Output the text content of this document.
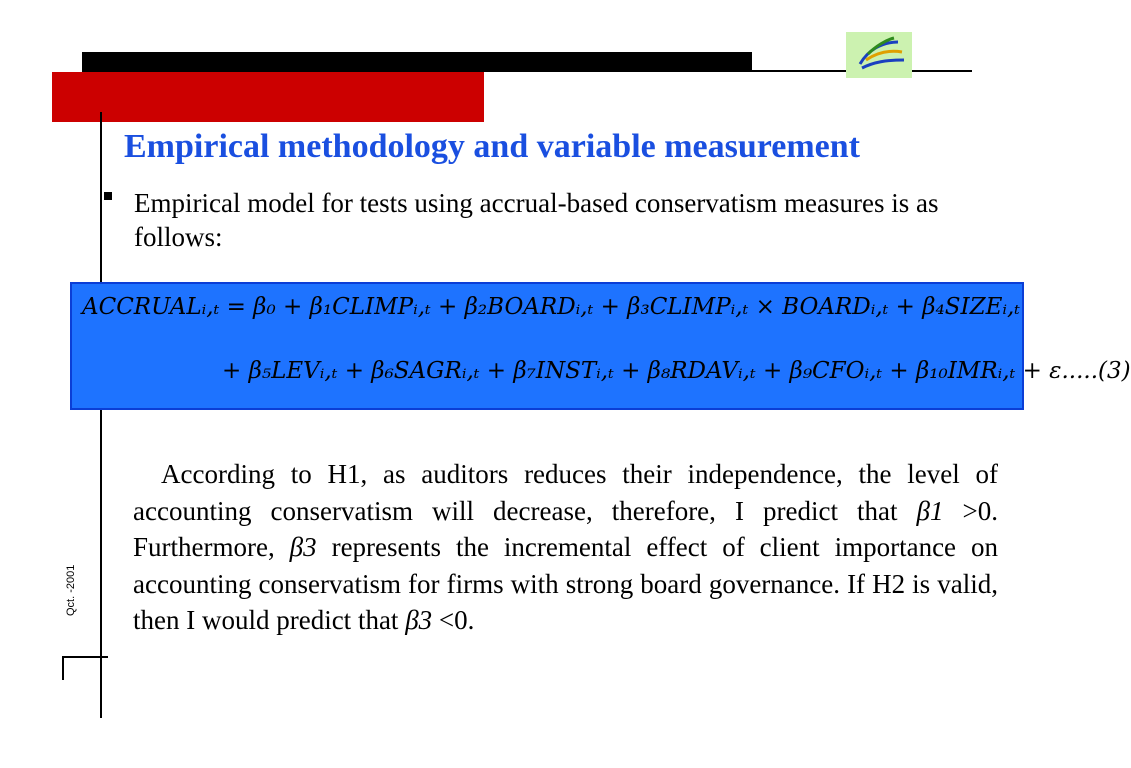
Empirical methodology and variable measurement

Empirical model for tests using accrual-based conservatism measures is as follows:

ACCRUALᵢ,ₜ = β₀ + β₁CLIMPᵢ,ₜ + β₂BOARDᵢ,ₜ + β₃CLIMPᵢ,ₜ × BOARDᵢ,ₜ + β₄SIZEᵢ,ₜ
+ β₅LEVᵢ,ₜ + β₆SAGRᵢ,ₜ + β₇INSTᵢ,ₜ + β₈RDAVᵢ,ₜ + β₉CFOᵢ,ₜ + β₁₀IMRᵢ,ₜ + ε.....(3)

According to H1, as auditors reduces their independence, the level of accounting conservatism will decrease, therefore, I predict that β1 >0. Furthermore, β3 represents the incremental effect of client importance on accounting conservatism for firms with strong board governance. If H2 is valid, then I would predict that β3 <0.

Qct. -2001
